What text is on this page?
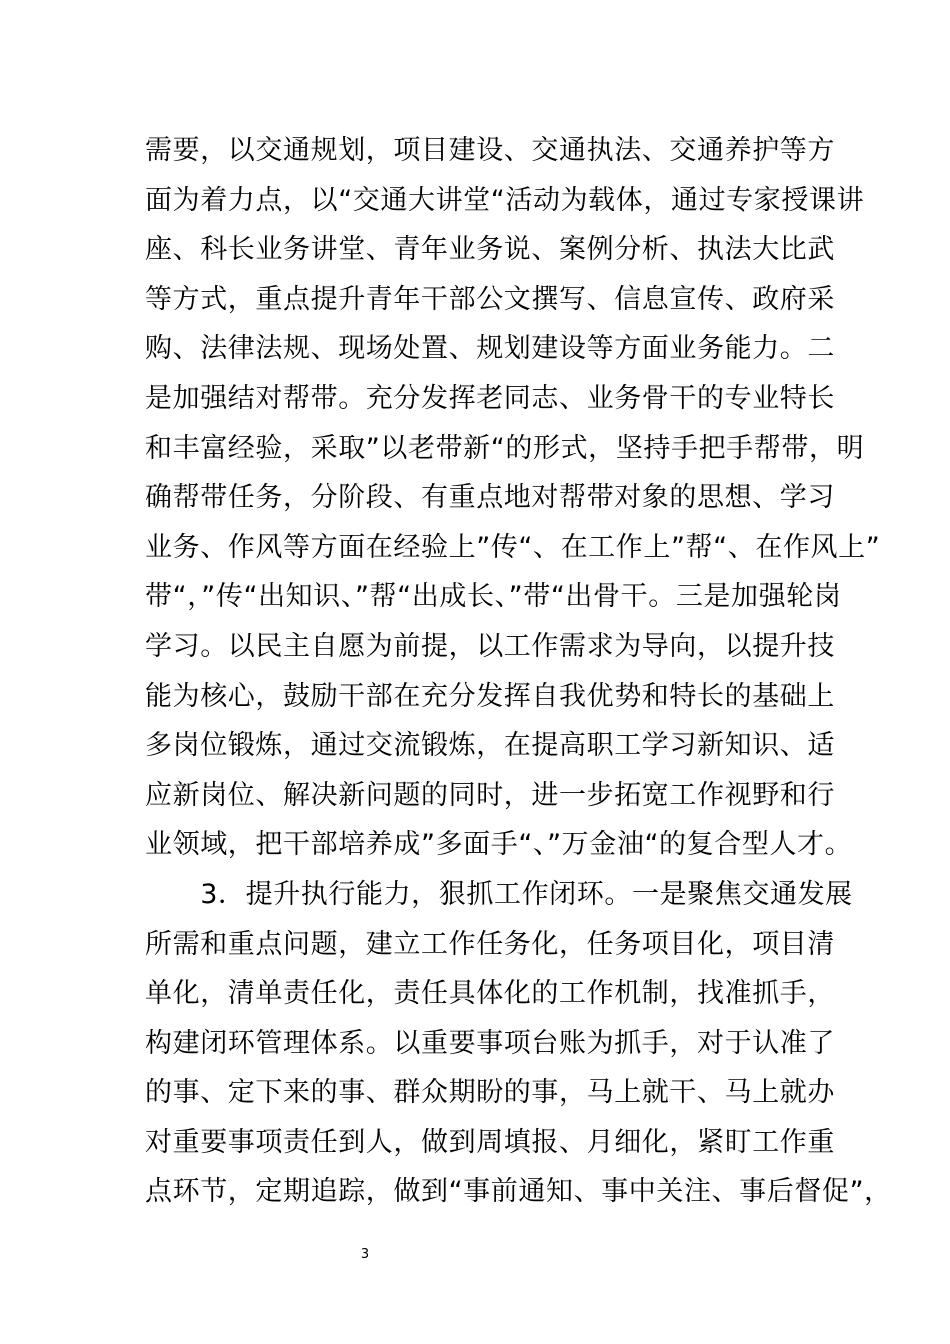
需要，以交通规划，项目建设、交通执法、交通养护等方
面为着力点，以“交通大讲堂“活动为载体，通过专家授课讲
座、科长业务讲堂、青年业务说、案例分析、执法大比武
等方式，重点提升青年干部公文撰写、信息宣传、政府采
购、法律法规、现场处置、规划建设等方面业务能力。二
是加强结对帮带。充分发挥老同志、业务骨干的专业特长
和丰富经验，采取”以老带新“的形式，坚持手把手帮带，明
确帮带任务，分阶段、有重点地对帮带对象的思想、学习
业务、作风等方面在经验上”传“、在工作上”帮“、在作风上”
带“，”传“出知识、”帮“出成长、”带“出骨干。三是加强轮岗
学习。以民主自愿为前提，以工作需求为导向，以提升技
能为核心，鼓励干部在充分发挥自我优势和特长的基础上
多岗位锻炼，通过交流锻炼，在提高职工学习新知识、适
应新岗位、解决新问题的同时，进一步拓宽工作视野和行
业领域，把干部培养成”多面手“、”万金油“的复合型人才。
　　3．提升执行能力，狠抓工作闭环。一是聚焦交通发展
所需和重点问题，建立工作任务化，任务项目化，项目清
单化，清单责任化，责任具体化的工作机制，找准抓手，
构建闭环管理体系。以重要事项台账为抓手，对于认准了
的事、定下来的事、群众期盼的事，马上就干、马上就办
对重要事项责任到人，做到周填报、月细化，紧盯工作重
点环节，定期追踪，做到“事前通知、事中关注、事后督促”，
3
